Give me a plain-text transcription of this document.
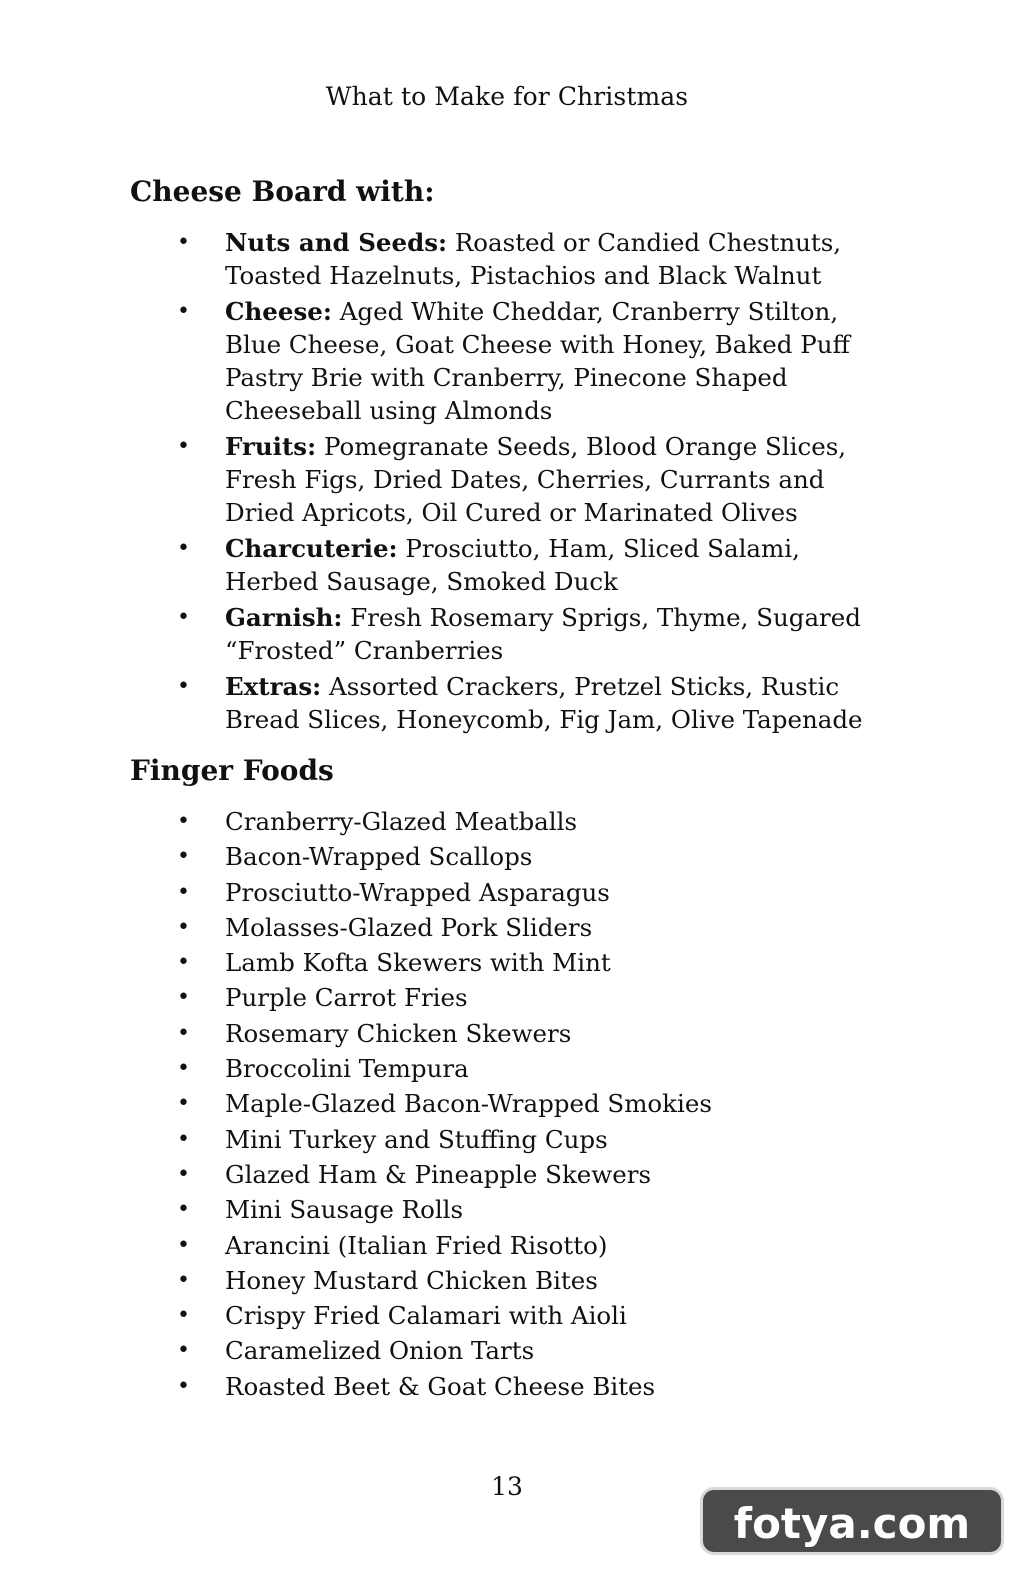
What to Make for Christmas
Cheese Board with:
• Nuts and Seeds: Roasted or Candied Chestnuts, Toasted Hazelnuts, Pistachios and Black Walnut
• Cheese: Aged White Cheddar, Cranberry Stilton, Blue Cheese, Goat Cheese with Honey, Baked Puff Pastry Brie with Cranberry, Pinecone Shaped Cheeseball using Almonds
• Fruits: Pomegranate Seeds, Blood Orange Slices, Fresh Figs, Dried Dates, Cherries, Currants and Dried Apricots, Oil Cured or Marinated Olives
• Charcuterie: Prosciutto, Ham, Sliced Salami, Herbed Sausage, Smoked Duck
• Garnish: Fresh Rosemary Sprigs, Thyme, Sugared “Frosted” Cranberries
• Extras: Assorted Crackers, Pretzel Sticks, Rustic Bread Slices, Honeycomb, Fig Jam, Olive Tapenade
Finger Foods
• Cranberry-Glazed Meatballs
• Bacon-Wrapped Scallops
• Prosciutto-Wrapped Asparagus
• Molasses-Glazed Pork Sliders
• Lamb Kofta Skewers with Mint
• Purple Carrot Fries
• Rosemary Chicken Skewers
• Broccolini Tempura
• Maple-Glazed Bacon-Wrapped Smokies
• Mini Turkey and Stuffing Cups
• Glazed Ham & Pineapple Skewers
• Mini Sausage Rolls
• Arancini (Italian Fried Risotto)
• Honey Mustard Chicken Bites
• Crispy Fried Calamari with Aioli
• Caramelized Onion Tarts
• Roasted Beet & Goat Cheese Bites
13
fotya.com
